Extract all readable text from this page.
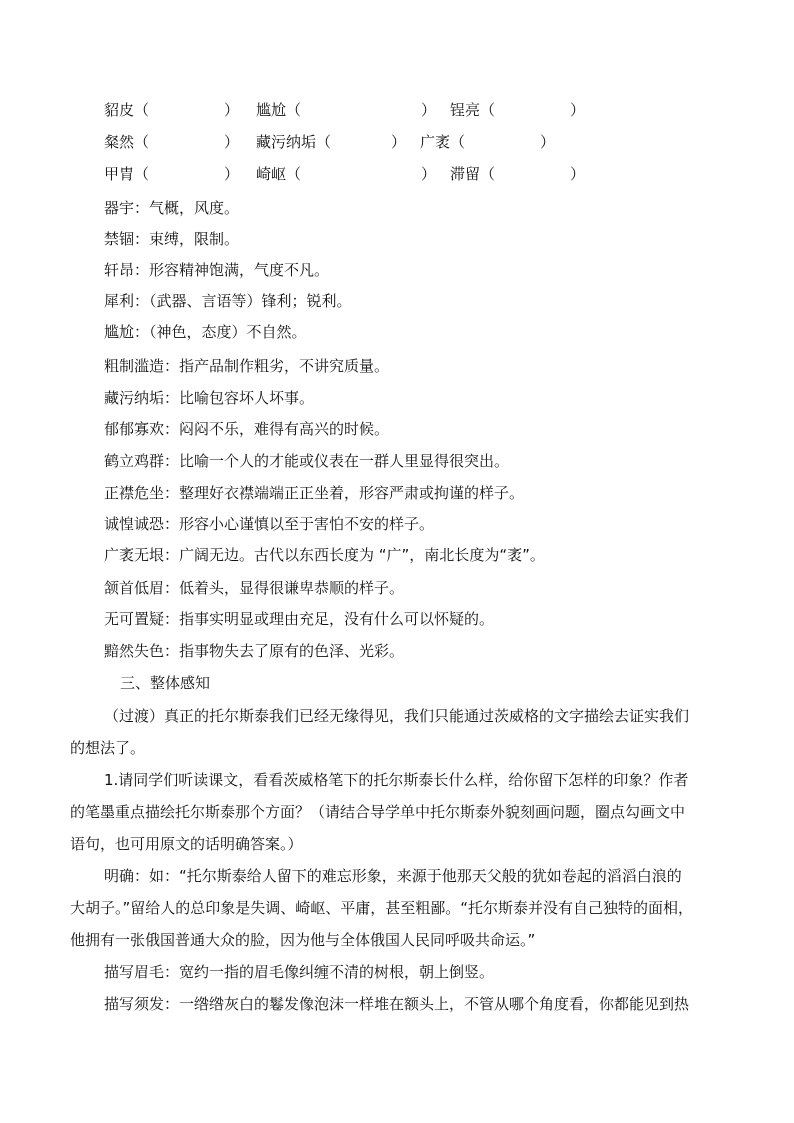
貂皮（　　　　　） 尴尬（　　　　　　　　） 锃亮（　　　　　）
粲然（　　　　　） 藏污纳垢（　　　　） 广袤（　　　　　）
甲胄（　　　　　） 崎岖（　　　　　　　　） 滞留（　　　　　）
器宇：气概，风度。
禁锢：束缚，限制。
轩昂：形容精神饱满，气度不凡。
犀利：（武器、言语等）锋利；锐利。
尴尬：（神色，态度）不自然。
粗制滥造：指产品制作粗劣，不讲究质量。
藏污纳垢：比喻包容坏人坏事。
郁郁寡欢：闷闷不乐，难得有高兴的时候。
鹤立鸡群：比喻一个人的才能或仪表在一群人里显得很突出。
正襟危坐：整理好衣襟端端正正坐着，形容严肃或拘谨的样子。
诚惶诚恐：形容小心谨慎以至于害怕不安的样子。
广袤无垠：广阔无边。古代以东西长度为 “广”，南北长度为“袤”。
颔首低眉：低着头，显得很谦卑恭顺的样子。
无可置疑：指事实明显或理由充足，没有什么可以怀疑的。
黯然失色：指事物失去了原有的色泽、光彩。
三、整体感知
（过渡）真正的托尔斯泰我们已经无缘得见，我们只能通过茨威格的文字描绘去证实我们
的想法了。
1.请同学们听读课文，看看茨威格笔下的托尔斯泰长什么样，给你留下怎样的印象？作者
的笔墨重点描绘托尔斯泰那个方面？（请结合导学单中托尔斯泰外貌刻画问题，圈点勾画文中
语句，也可用原文的话明确答案。）
明确：如：“托尔斯泰给人留下的难忘形象，来源于他那天父般的犹如卷起的滔滔白浪的
大胡子。”留给人的总印象是失调、崎岖、平庸，甚至粗鄙。“托尔斯泰并没有自己独特的面相，
他拥有一张俄国普通大众的脸，因为他与全体俄国人民同呼吸共命运。”
描写眉毛：宽约一指的眉毛像纠缠不清的树根，朝上倒竖。
描写须发：一绺绺灰白的鬈发像泡沫一样堆在额头上，不管从哪个角度看，你都能见到热
